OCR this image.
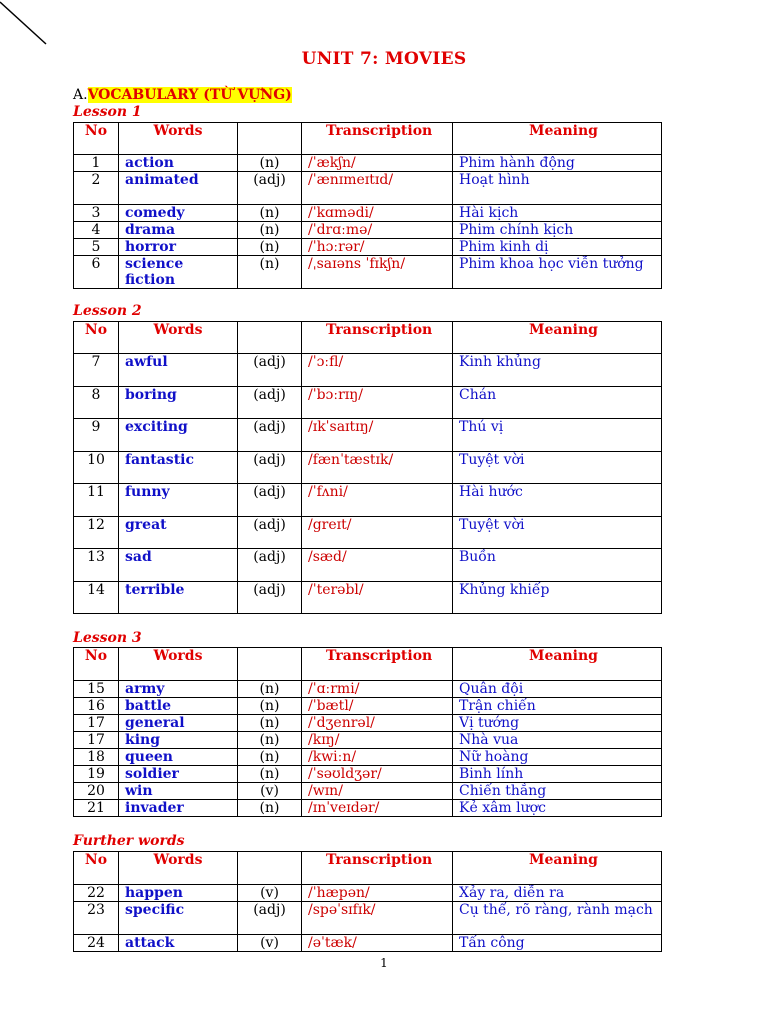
UNIT 7: MOVIES
A.VOCABULARY (TỪ VỰNG)
Lesson 1
No	Words		Transcription	Meaning
1	action	(n)	/ˈækʃn/	Phim hành động
2	animated	(adj)	/ˈænɪmeɪtɪd/	Hoạt hình
3	comedy	(n)	/ˈkɑmədi/	Hài kịch
4	drama	(n)	/ˈdrɑːmə/	Phim chính kịch
5	horror	(n)	/ˈhɔːrər/	Phim kinh dị
6	science fiction	(n)	/ˌsaɪəns ˈfɪkʃn/	Phim khoa học viễn tưởng
Lesson 2
No	Words		Transcription	Meaning
7	awful	(adj)	/ˈɔːfl/	Kinh khủng
8	boring	(adj)	/ˈbɔːrɪŋ/	Chán
9	exciting	(adj)	/ɪkˈsaɪtɪŋ/	Thú vị
10	fantastic	(adj)	/fænˈtæstɪk/	Tuyệt vời
11	funny	(adj)	/ˈfʌni/	Hài hước
12	great	(adj)	/greɪt/	Tuyệt vời
13	sad	(adj)	/sæd/	Buồn
14	terrible	(adj)	/ˈterəbl/	Khủng khiếp
Lesson 3
No	Words		Transcription	Meaning
15	army	(n)	/ˈɑːrmi/	Quân đội
16	battle	(n)	/ˈbætl/	Trận chiến
17	general	(n)	/ˈdʒenrəl/	Vị tướng
17	king	(n)	/kɪŋ/	Nhà vua
18	queen	(n)	/kwiːn/	Nữ hoàng
19	soldier	(n)	/ˈsəʊldʒər/	Binh lính
20	win	(v)	/wɪn/	Chiến thắng
21	invader	(n)	/ɪnˈveɪdər/	Kẻ xâm lược
Further words
No	Words		Transcription	Meaning
22	happen	(v)	/ˈhæpən/	Xảy ra, diễn ra
23	specific	(adj)	/spəˈsɪfɪk/	Cụ thể, rõ ràng, rành mạch
24	attack	(v)	/əˈtæk/	Tấn công
1
